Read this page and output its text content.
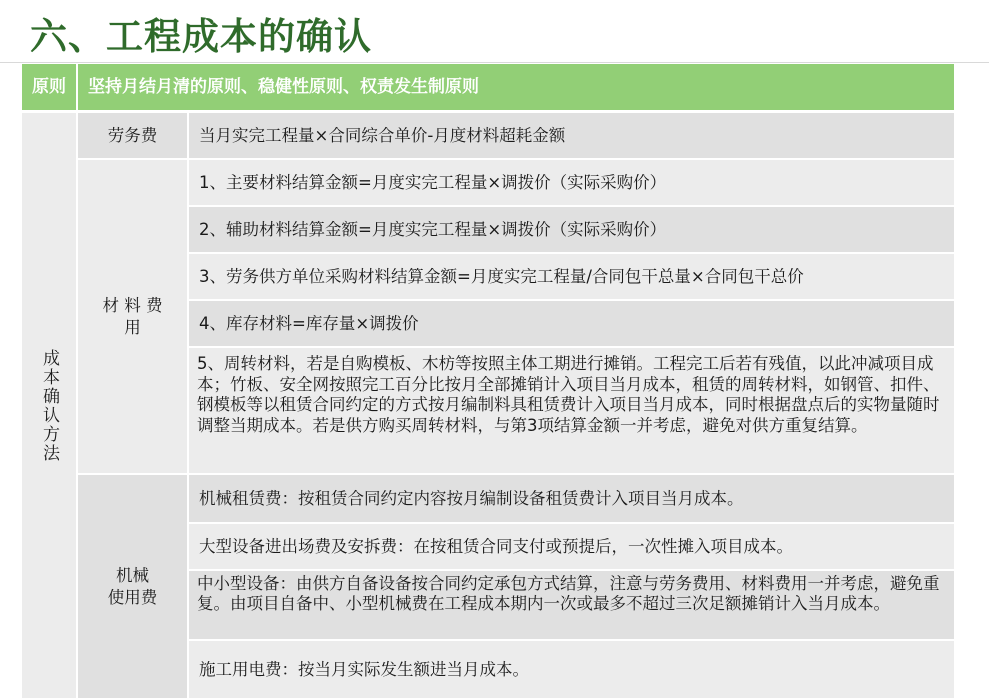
六、工程成本的确认
原则	坚持月结月清的原则、稳健性原则、权责发生制原则
成本确认方法
劳务费	当月实完工程量×合同综合单价-月度材料超耗金额
材 料 费
用
1、主要材料结算金额=月度实完工程量×调拨价（实际采购价）
2、辅助材料结算金额=月度实完工程量×调拨价（实际采购价）
3、劳务供方单位采购材料结算金额=月度实完工程量/合同包干总量×合同包干总价
4、库存材料=库存量×调拨价
5、周转材料，若是自购模板、木枋等按照主体工期进行摊销。工程完工后若有残值，以此冲减项目成本；竹板、安全网按照完工百分比按月全部摊销计入项目当月成本，租赁的周转材料，如钢管、扣件、钢模板等以租赁合同约定的方式按月编制料具租赁费计入项目当月成本，同时根据盘点后的实物量随时调整当期成本。若是供方购买周转材料，与第3项结算金额一并考虑，避免对供方重复结算。
机械
使用费
机械租赁费：按租赁合同约定内容按月编制设备租赁费计入项目当月成本。
大型设备进出场费及安拆费：在按租赁合同支付或预提后，一次性摊入项目成本。
中小型设备：由供方自备设备按合同约定承包方式结算，注意与劳务费用、材料费用一并考虑，避免重复。由项目自备中、小型机械费在工程成本期内一次或最多不超过三次足额摊销计入当月成本。
施工用电费：按当月实际发生额进当月成本。
